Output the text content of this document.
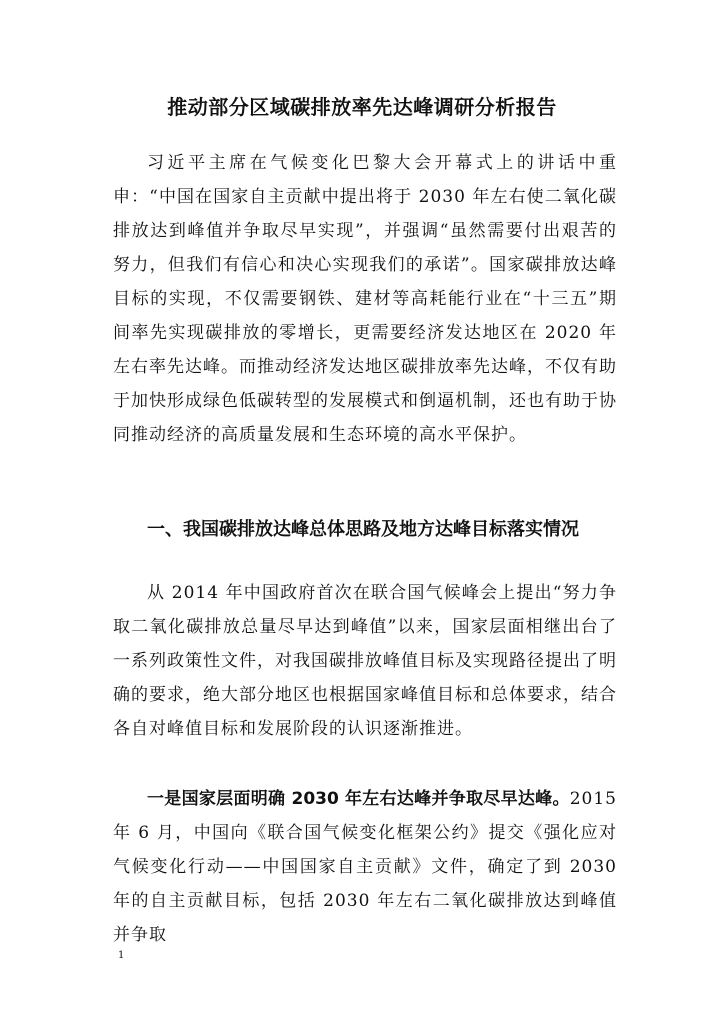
推动部分区域碳排放率先达峰调研分析报告

习近平主席在气候变化巴黎大会开幕式上的讲话中重申：“中国在国家自主贡献中提出将于 2030 年左右使二氧化碳排放达到峰值并争取尽早实现”，并强调“虽然需要付出艰苦的努力，但我们有信心和决心实现我们的承诺”。国家碳排放达峰目标的实现，不仅需要钢铁、建材等高耗能行业在“十三五”期间率先实现碳排放的零增长，更需要经济发达地区在 2020 年左右率先达峰。而推动经济发达地区碳排放率先达峰，不仅有助于加快形成绿色低碳转型的发展模式和倒逼机制，还也有助于协同推动经济的高质量发展和生态环境的高水平保护。

一、我国碳排放达峰总体思路及地方达峰目标落实情况

从 2014 年中国政府首次在联合国气候峰会上提出“努力争取二氧化碳排放总量尽早达到峰值”以来，国家层面相继出台了一系列政策性文件，对我国碳排放峰值目标及实现路径提出了明确的要求，绝大部分地区也根据国家峰值目标和总体要求，结合各自对峰值目标和发展阶段的认识逐渐推进。

一是国家层面明确 2030 年左右达峰并争取尽早达峰。2015 年 6 月，中国向《联合国气候变化框架公约》提交《强化应对气候变化行动——中国国家自主贡献》文件，确定了到 2030 年的自主贡献目标，包括 2030 年左右二氧化碳排放达到峰值并争取

1
